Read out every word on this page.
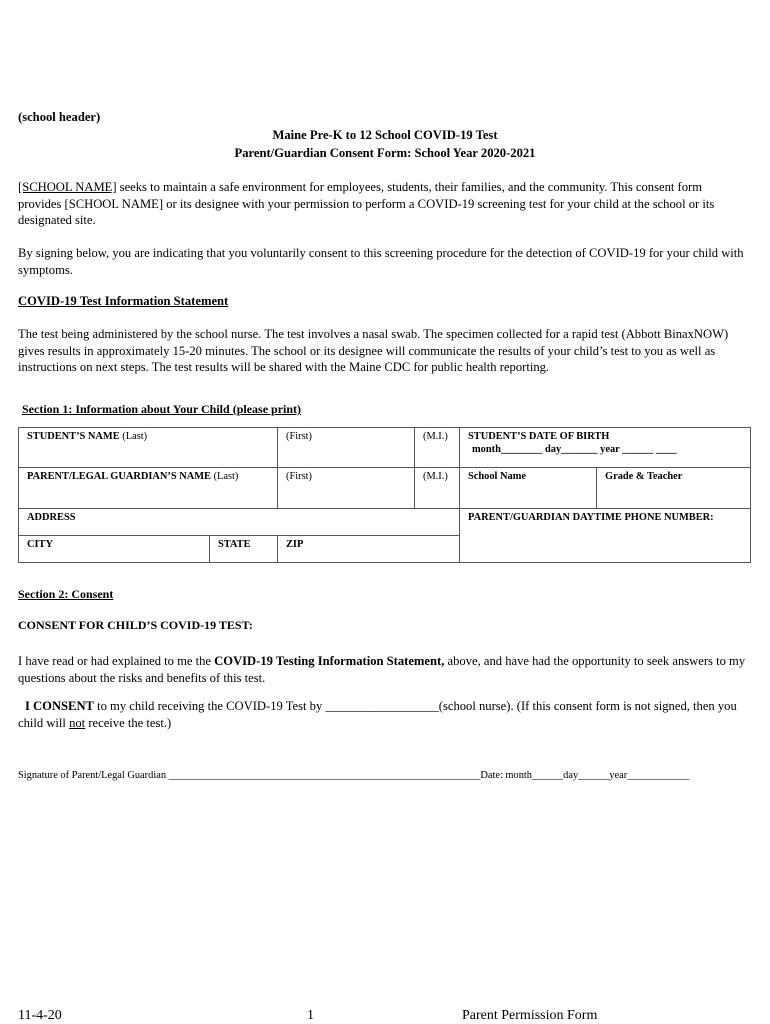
(school header)
Maine Pre-K to 12 School COVID-19 Test
Parent/Guardian Consent Form: School Year 2020-2021
[SCHOOL NAME] seeks to maintain a safe environment for employees, students, their families, and the community. This consent form provides [SCHOOL NAME] or its designee with your permission to perform a COVID-19 screening test for your child at the school or its designated site.
By signing below, you are indicating that you voluntarily consent to this screening procedure for the detection of COVID-19 for your child with symptoms.
COVID-19 Test Information Statement
The test being administered by the school nurse. The test involves a nasal swab. The specimen collected for a rapid test (Abbott BinaxNOW) gives results in approximately 15-20 minutes. The school or its designee will communicate the results of your child’s test to you as well as instructions on next steps. The test results will be shared with the Maine CDC for public health reporting.
Section 1: Information about Your Child (please print)
STUDENT’S NAME (Last)		(First)	(M.I.)	STUDENT’S DATE OF BIRTH
month________ day_______ year ______ ____	

PARENT/LEGAL GUARDIAN’S NAME (Last)		(First)	(M.I.)	School Name	Grade & Teacher
ADDRESS				PARENT/GUARDIAN DAYTIME PHONE NUMBER:	
CITY	STATE	ZIP			
Section 2: Consent
CONSENT FOR CHILD’S COVID-19 TEST:
I have read or had explained to me the COVID-19 Testing Information Statement, above, and have had the opportunity to seek answers to my questions about the risks and benefits of this test.
I CONSENT to my child receiving the COVID-19 Test by __________________(school nurse). (If this consent form is not signed, then you child will not receive the test.)
Signature of Parent/Legal Guardian ____________________________________________________________Date: month______day______year____________
11-4-20	1	Parent Permission Form
